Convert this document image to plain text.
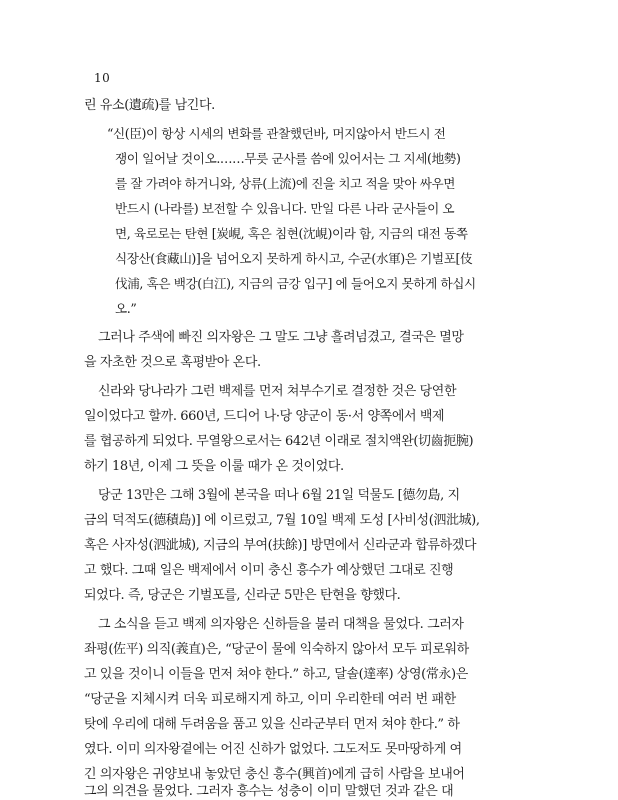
10
린 유소(遺疏)를 남긴다.
“신(臣)이 항상 시세의 변화를 관찰했던바, 머지않아서 반드시 전
쟁이 일어날 것이오.……무릇 군사를 씀에 있어서는 그 지세(地勢)
를 잘 가려야 하거니와, 상류(上流)에 진을 치고 적을 맞아 싸우면
반드시 (나라를) 보전할 수 있읍니다. 만일 다른 나라 군사들이 오
면, 육로로는 탄현 [炭峴, 혹은 침현(沈峴)이라 함, 지금의 대전 동쪽
식장산(食藏山)]을 넘어오지 못하게 하시고, 수군(水軍)은 기벌포[伎
伐浦, 혹은 백강(白江), 지금의 금강 입구] 에 들어오지 못하게 하십시
오.”
그러나 주색에 빠진 의자왕은 그 말도 그냥 흘려넘겼고, 결국은 멸망
을 자초한 것으로 혹평받아 온다.
신라와 당나라가 그런 백제를 먼저 쳐부수기로 결정한 것은 당연한
일이었다고 할까. 660년, 드디어 나·당 양군이 동·서 양쪽에서 백제
를 협공하게 되었다. 무열왕으로서는 642년 이래로 절치액완(切齒扼腕)
하기 18년, 이제 그 뜻을 이룰 때가 온 것이었다.
당군 13만은 그해 3월에 본국을 떠나 6월 21일 덕물도 [德勿島, 지
금의 덕적도(德積島)] 에 이르렀고, 7월 10일 백제 도성 [사비성(泗沘城),
혹은 사자성(泗泚城), 지금의 부여(扶餘)] 방면에서 신라군과 합류하겠다
고 했다. 그때 일은 백제에서 이미 충신 흥수가 예상했던 그대로 진행
되었다. 즉, 당군은 기벌포를, 신라군 5만은 탄현을 향했다.
그 소식을 듣고 백제 의자왕은 신하들을 불러 대책을 물었다. 그러자
좌평(佐平) 의직(義直)은, “당군이 물에 익숙하지 않아서 모두 피로워하
고 있을 것이니 이들을 먼저 쳐야 한다.” 하고, 달솔(達率) 상영(常永)은
“당군을 지체시켜 더욱 피로해지게 하고, 이미 우리한테 여러 번 패한
탓에 우리에 대해 두려움을 품고 있을 신라군부터 먼저 쳐야 한다.” 하
였다. 이미 의자왕곁에는 어진 신하가 없었다. 그도저도 못마땅하게 여
긴 의자왕은 귀양보내 놓았던 충신 흥수(興首)에게 급히 사람을 보내어
그의 의견을 물었다. 그러자 흥수는 성충이 이미 말했던 것과 같은 대
